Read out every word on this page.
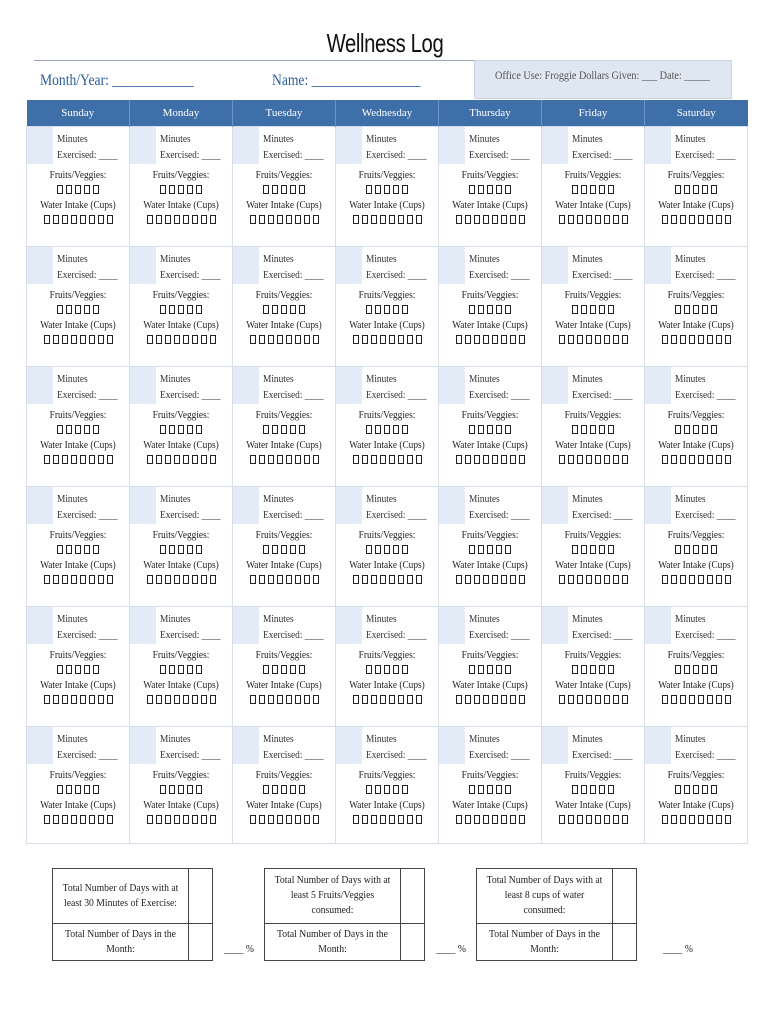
Wellness Log
Month/Year: ____________	Name: ________________	Office Use: Froggie Dollars Given: ___ Date: _____
Sunday	Monday	Tuesday	Wednesday	Thursday	Friday	Saturday

Minutes
Exercised: ____
Fruits/Veggies:
Water Intake (Cups)	Minutes
Exercised: ____
Fruits/Veggies:
Water Intake (Cups)	Minutes
Exercised: ____
Fruits/Veggies:
Water Intake (Cups)	Minutes
Exercised: ____
Fruits/Veggies:
Water Intake (Cups)	Minutes
Exercised: ____
Fruits/Veggies:
Water Intake (Cups)	Minutes
Exercised: ____
Fruits/Veggies:
Water Intake (Cups)	Minutes
Exercised: ____
Fruits/Veggies:
Water Intake (Cups)

Minutes
Exercised: ____
Fruits/Veggies:
Water Intake (Cups)	Minutes
Exercised: ____
Fruits/Veggies:
Water Intake (Cups)	Minutes
Exercised: ____
Fruits/Veggies:
Water Intake (Cups)	Minutes
Exercised: ____
Fruits/Veggies:
Water Intake (Cups)	Minutes
Exercised: ____
Fruits/Veggies:
Water Intake (Cups)	Minutes
Exercised: ____
Fruits/Veggies:
Water Intake (Cups)	Minutes
Exercised: ____
Fruits/Veggies:
Water Intake (Cups)

Minutes
Exercised: ____
Fruits/Veggies:
Water Intake (Cups)	Minutes
Exercised: ____
Fruits/Veggies:
Water Intake (Cups)	Minutes
Exercised: ____
Fruits/Veggies:
Water Intake (Cups)	Minutes
Exercised: ____
Fruits/Veggies:
Water Intake (Cups)	Minutes
Exercised: ____
Fruits/Veggies:
Water Intake (Cups)	Minutes
Exercised: ____
Fruits/Veggies:
Water Intake (Cups)	Minutes
Exercised: ____
Fruits/Veggies:
Water Intake (Cups)

Minutes
Exercised: ____
Fruits/Veggies:
Water Intake (Cups)	Minutes
Exercised: ____
Fruits/Veggies:
Water Intake (Cups)	Minutes
Exercised: ____
Fruits/Veggies:
Water Intake (Cups)	Minutes
Exercised: ____
Fruits/Veggies:
Water Intake (Cups)	Minutes
Exercised: ____
Fruits/Veggies:
Water Intake (Cups)	Minutes
Exercised: ____
Fruits/Veggies:
Water Intake (Cups)	Minutes
Exercised: ____
Fruits/Veggies:
Water Intake (Cups)

Minutes
Exercised: ____
Fruits/Veggies:
Water Intake (Cups)	Minutes
Exercised: ____
Fruits/Veggies:
Water Intake (Cups)	Minutes
Exercised: ____
Fruits/Veggies:
Water Intake (Cups)	Minutes
Exercised: ____
Fruits/Veggies:
Water Intake (Cups)	Minutes
Exercised: ____
Fruits/Veggies:
Water Intake (Cups)	Minutes
Exercised: ____
Fruits/Veggies:
Water Intake (Cups)	Minutes
Exercised: ____
Fruits/Veggies:
Water Intake (Cups)

Minutes
Exercised: ____
Fruits/Veggies:
Water Intake (Cups)	Minutes
Exercised: ____
Fruits/Veggies:
Water Intake (Cups)	Minutes
Exercised: ____
Fruits/Veggies:
Water Intake (Cups)	Minutes
Exercised: ____
Fruits/Veggies:
Water Intake (Cups)	Minutes
Exercised: ____
Fruits/Veggies:
Water Intake (Cups)	Minutes
Exercised: ____
Fruits/Veggies:
Water Intake (Cups)	Minutes
Exercised: ____
Fruits/Veggies:
Water Intake (Cups)
Total Number of Days with at least 30 Minutes of Exercise:		____ %	Total Number of Days with at least 5 Fruits/Veggies consumed:		____ %	Total Number of Days with at least 8 cups of water consumed:		____ %
Total Number of Days in the Month:			Total Number of Days in the Month:			Total Number of Days in the Month:		
